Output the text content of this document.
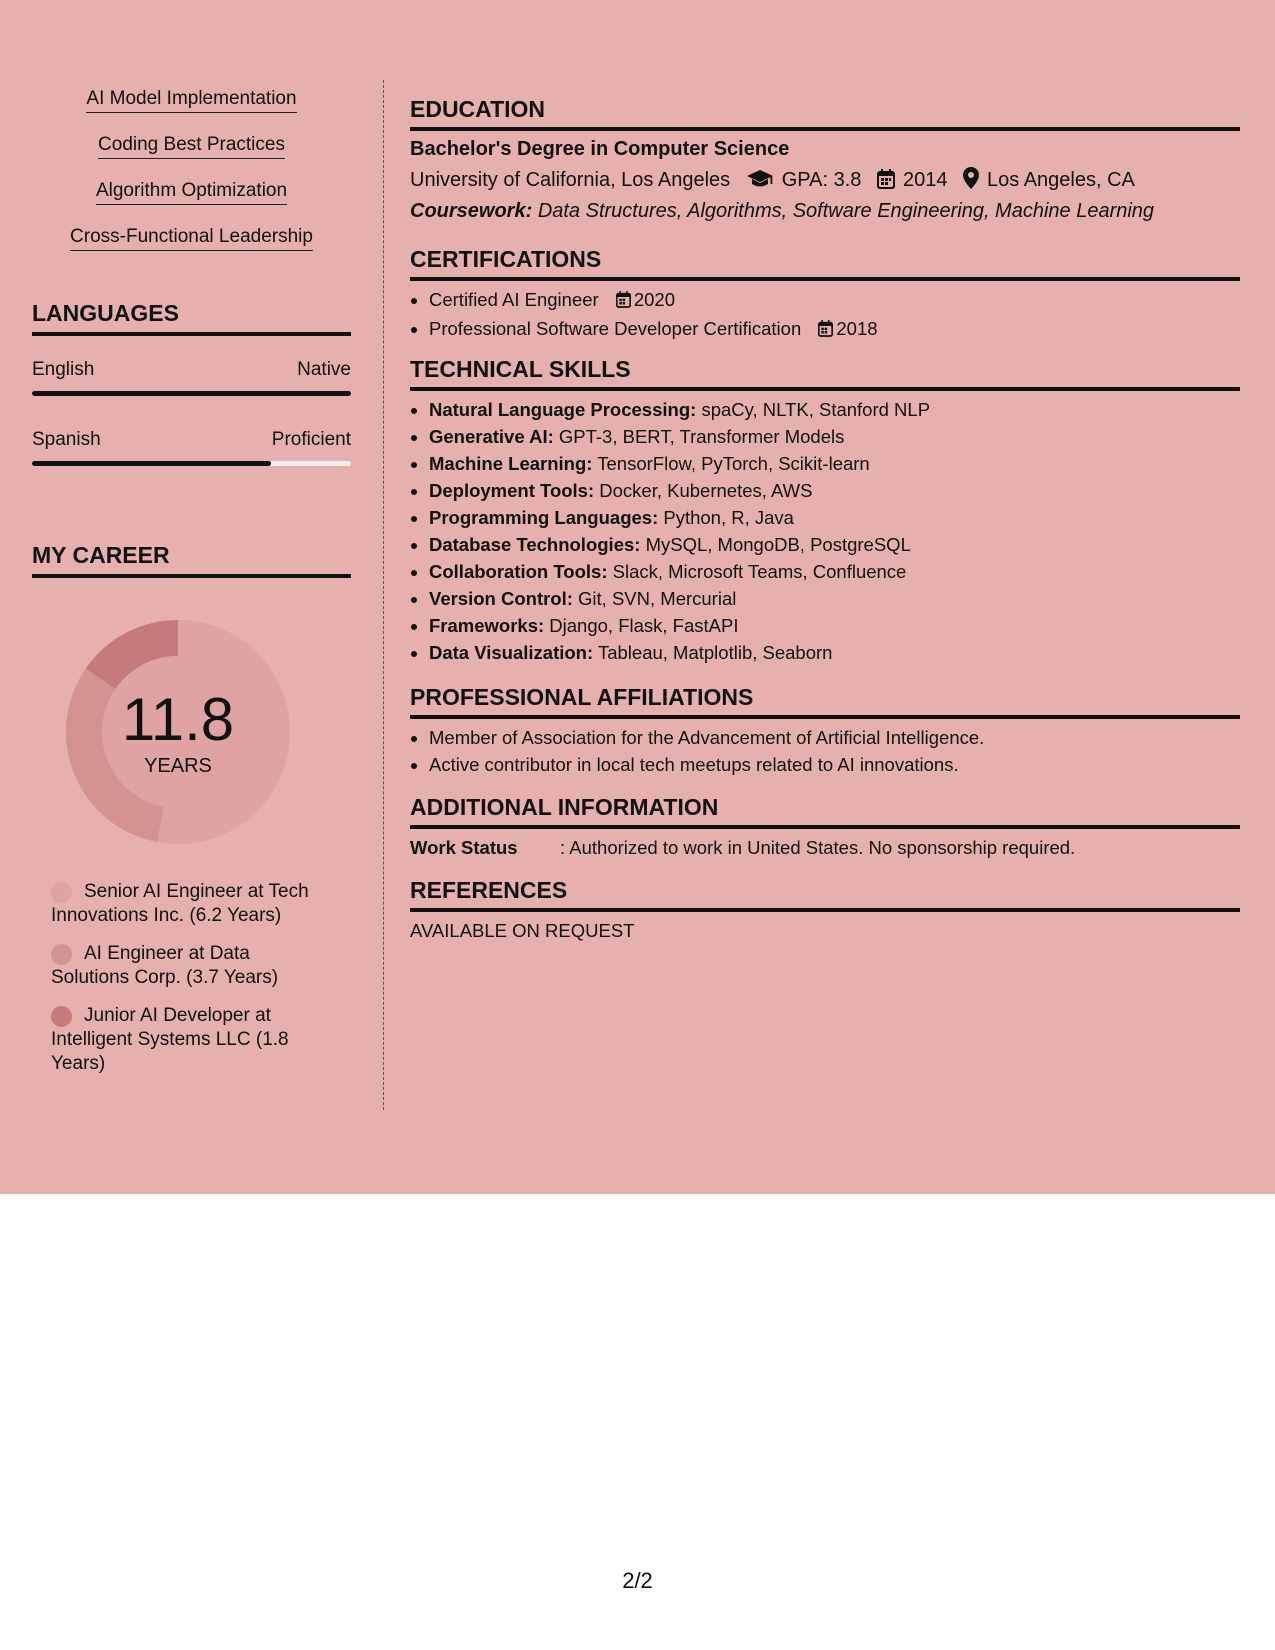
AI Model Implementation
Coding Best Practices
Algorithm Optimization
Cross-Functional Leadership
LANGUAGES
English	Native
Spanish	Proficient
MY CAREER
11.8
YEARS
Senior AI Engineer at Tech Innovations Inc. (6.2 Years)
AI Engineer at Data Solutions Corp. (3.7 Years)
Junior AI Developer at Intelligent Systems LLC (1.8 Years)
EDUCATION
Bachelor's Degree in Computer Science
University of California, Los Angeles	GPA: 3.8 2014 Los Angeles, CA
Coursework: Data Structures, Algorithms, Software Engineering, Machine Learning
CERTIFICATIONS
• Certified AI Engineer 2020
• Professional Software Developer Certification 2018
TECHNICAL SKILLS
• Natural Language Processing: spaCy, NLTK, Stanford NLP
• Generative AI: GPT-3, BERT, Transformer Models
• Machine Learning: TensorFlow, PyTorch, Scikit-learn
• Deployment Tools: Docker, Kubernetes, AWS
• Programming Languages: Python, R, Java
• Database Technologies: MySQL, MongoDB, PostgreSQL
• Collaboration Tools: Slack, Microsoft Teams, Confluence
• Version Control: Git, SVN, Mercurial
• Frameworks: Django, Flask, FastAPI
• Data Visualization: Tableau, Matplotlib, Seaborn
PROFESSIONAL AFFILIATIONS
• Member of Association for the Advancement of Artificial Intelligence.
• Active contributor in local tech meetups related to AI innovations.
ADDITIONAL INFORMATION
Work Status : Authorized to work in United States. No sponsorship required.
REFERENCES
AVAILABLE ON REQUEST
2/2
